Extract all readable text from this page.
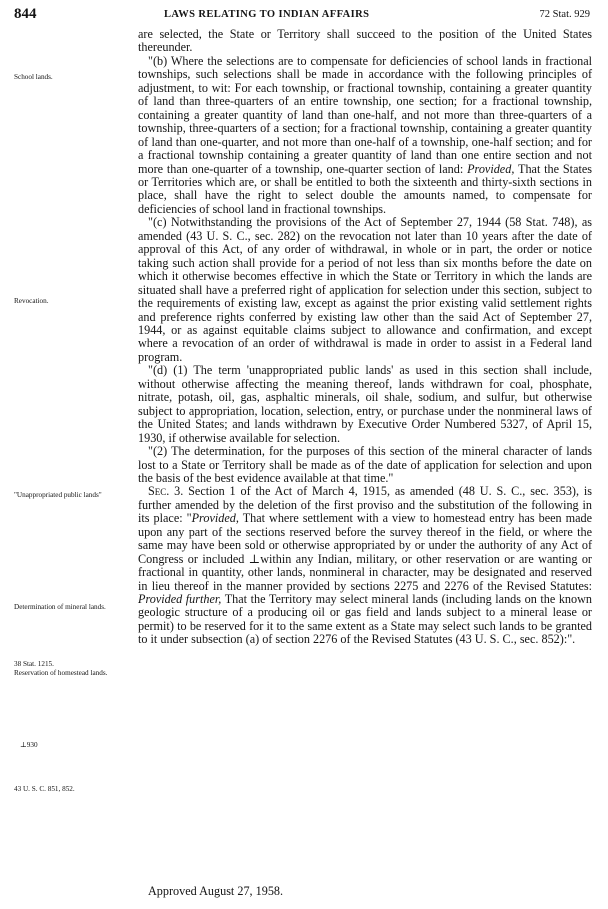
844	LAWS RELATING TO INDIAN AFFAIRS	72 Stat. 929
School lands.
Revocation.
"Unappropriated public lands"
Determination of mineral lands.
38 Stat. 1215.
Reservation of homestead lands.
⊥930
43 U. S. C. 851, 852.

are selected, the State or Territory shall succeed to the position of the United States thereunder.

"(b) Where the selections are to compensate for deficiencies of school lands in fractional townships, such selections shall be made in accordance with the following principles of adjustment, to wit: For each township, or fractional township, containing a greater quantity of land than three-quarters of an entire township, one section; for a fractional township, containing a greater quantity of land than one-half, and not more than three-quarters of a township, three-quarters of a section; for a fractional township, containing a greater quantity of land than one-quarter, and not more than one-half of a township, one-half section; and for a fractional township containing a greater quantity of land than one entire section and not more than one-quarter of a township, one-quarter section of land: Provided, That the States or Territories which are, or shall be entitled to both the sixteenth and thirty-sixth sections in place, shall have the right to select double the amounts named, to compensate for deficiencies of school land in fractional townships.

"(c) Notwithstanding the provisions of the Act of September 27, 1944 (58 Stat. 748), as amended (43 U. S. C., sec. 282) on the revocation not later than 10 years after the date of approval of this Act, of any order of withdrawal, in whole or in part, the order or notice taking such action shall provide for a period of not less than six months before the date on which it otherwise becomes effective in which the State or Territory in which the lands are situated shall have a preferred right of application for selection under this section, subject to the requirements of existing law, except as against the prior existing valid settlement rights and preference rights conferred by existing law other than the said Act of September 27, 1944, or as against equitable claims subject to allowance and confirmation, and except where a revocation of an order of withdrawal is made in order to assist in a Federal land program.

"(d) (1) The term 'unappropriated public lands' as used in this section shall include, without otherwise affecting the meaning thereof, lands withdrawn for coal, phosphate, nitrate, potash, oil, gas, asphaltic minerals, oil shale, sodium, and sulfur, but otherwise subject to appropriation, location, selection, entry, or purchase under the nonmineral laws of the United States; and lands withdrawn by Executive Order Numbered 5327, of April 15, 1930, if otherwise available for selection.

"(2) The determination, for the purposes of this section of the mineral character of lands lost to a State or Territory shall be made as of the date of application for selection and upon the basis of the best evidence available at that time."

Sec. 3. Section 1 of the Act of March 4, 1915, as amended (48 U. S. C., sec. 353), is further amended by the deletion of the first proviso and the substitution of the following in its place: "Provided, That where settlement with a view to homestead entry has been made upon any part of the sections reserved before the survey thereof in the field, or where the same may have been sold or otherwise appropriated by or under the authority of any Act of Congress or included ⊥within any Indian, military, or other reservation or are wanting or fractional in quantity, other lands, nonmineral in character, may be designated and reserved in lieu thereof in the manner provided by sections 2275 and 2276 of the Revised Statutes: Provided further, That the Territory may select mineral lands (including lands on the known geologic structure of a producing oil or gas field and lands subject to a mineral lease or permit) to be reserved for it to the same extent as a State may select such lands to be granted to it under subsection (a) of section 2276 of the Revised Statutes (43 U. S. C., sec. 852):".

Approved August 27, 1958.
